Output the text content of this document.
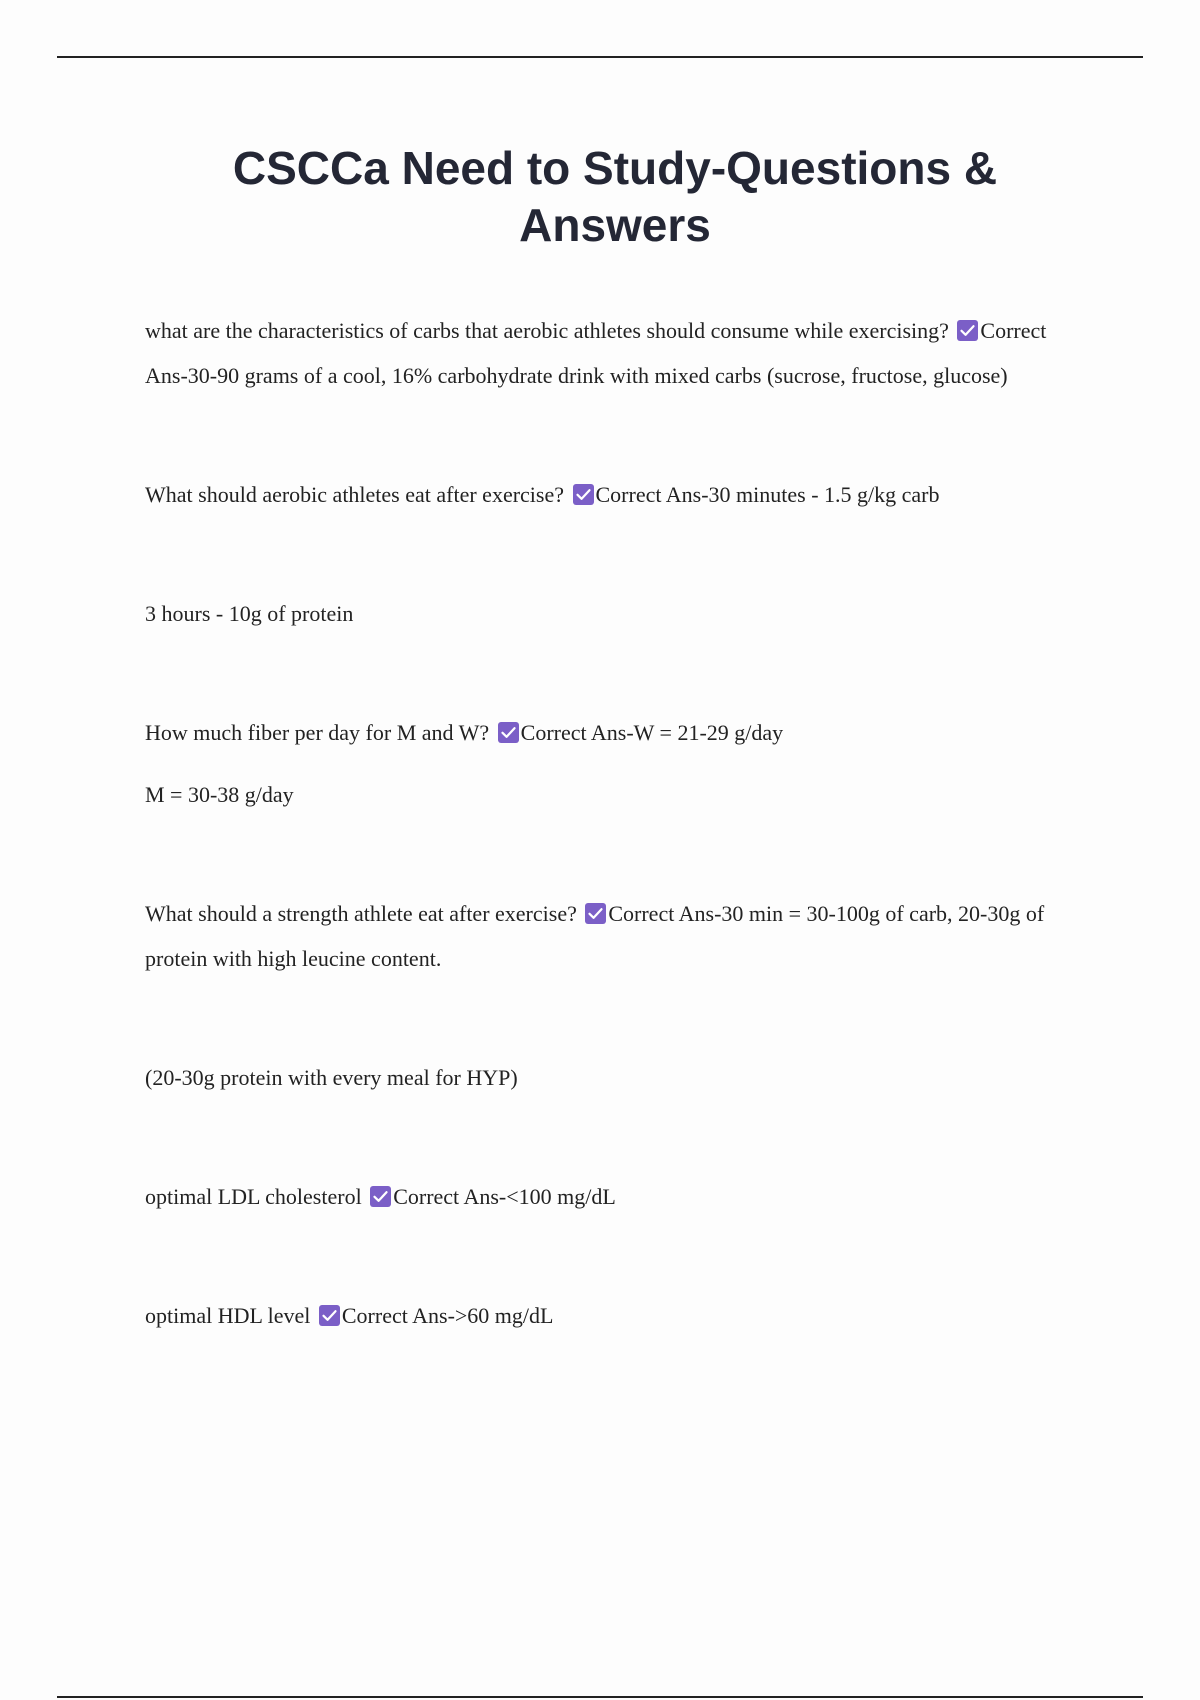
CSCCa Need to Study-Questions & Answers

what are the characteristics of carbs that aerobic athletes should consume while exercising? Correct Ans-30-90 grams of a cool, 16% carbohydrate drink with mixed carbs (sucrose, fructose, glucose)

What should aerobic athletes eat after exercise? Correct Ans-30 minutes - 1.5 g/kg carb

3 hours - 10g of protein

How much fiber per day for M and W? Correct Ans-W = 21-29 g/day

M = 30-38 g/day

What should a strength athlete eat after exercise? Correct Ans-30 min = 30-100g of carb, 20-30g of protein with high leucine content.

(20-30g protein with every meal for HYP)

optimal LDL cholesterol Correct Ans-<100 mg/dL

optimal HDL level Correct Ans->60 mg/dL
